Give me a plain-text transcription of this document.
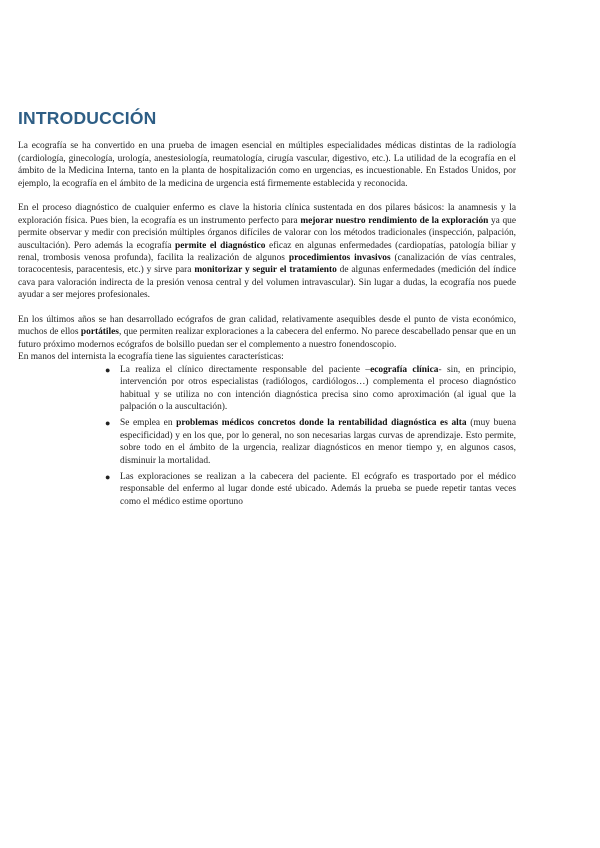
INTRODUCCIÓN

La ecografía se ha convertido en una prueba de imagen esencial en múltiples especialidades médicas distintas de la radiología (cardiología, ginecología, urología, anestesiología, reumatología, cirugía vascular, digestivo, etc.). La utilidad de la ecografía en el ámbito de la Medicina Interna, tanto en la planta de hospitalización como en urgencias, es incuestionable. En Estados Unidos, por ejemplo, la ecografía en el ámbito de la medicina de urgencia está firmemente establecida y reconocida.

En el proceso diagnóstico de cualquier enfermo es clave la historia clínica sustentada en dos pilares básicos: la anamnesis y la exploración física. Pues bien, la ecografía es un instrumento perfecto para mejorar nuestro rendimiento de la exploración ya que permite observar y medir con precisión múltiples órganos difíciles de valorar con los métodos tradicionales (inspección, palpación, auscultación). Pero además la ecografía permite el diagnóstico eficaz en algunas enfermedades (cardiopatías, patología biliar y renal, trombosis venosa profunda), facilita la realización de algunos procedimientos invasivos (canalización de vías centrales, toracocentesis, paracentesis, etc.) y sirve para monitorizar y seguir el tratamiento de algunas enfermedades (medición del índice cava para valoración indirecta de la presión venosa central y del volumen intravascular). Sin lugar a dudas, la ecografía nos puede ayudar a ser mejores profesionales.

En los últimos años se han desarrollado ecógrafos de gran calidad, relativamente asequibles desde el punto de vista económico, muchos de ellos portátiles, que permiten realizar exploraciones a la cabecera del enfermo. No parece descabellado pensar que en un futuro próximo modernos ecógrafos de bolsillo puedan ser el complemento a nuestro fonendoscopio.

En manos del internista la ecografía tiene las siguientes características:

● La realiza el clínico directamente responsable del paciente –ecografía clínica- sin, en principio, intervención por otros especialistas (radiólogos, cardiólogos…) complementa el proceso diagnóstico habitual y se utiliza no con intención diagnóstica precisa sino como aproximación (al igual que la palpación o la auscultación).
● Se emplea en problemas médicos concretos donde la rentabilidad diagnóstica es alta (muy buena especificidad) y en los que, por lo general, no son necesarias largas curvas de aprendizaje. Esto permite, sobre todo en el ámbito de la urgencia, realizar diagnósticos en menor tiempo y, en algunos casos, disminuir la mortalidad.
● Las exploraciones se realizan a la cabecera del paciente. El ecógrafo es trasportado por el médico responsable del enfermo al lugar donde esté ubicado. Además la prueba se puede repetir tantas veces como el médico estime oportuno
